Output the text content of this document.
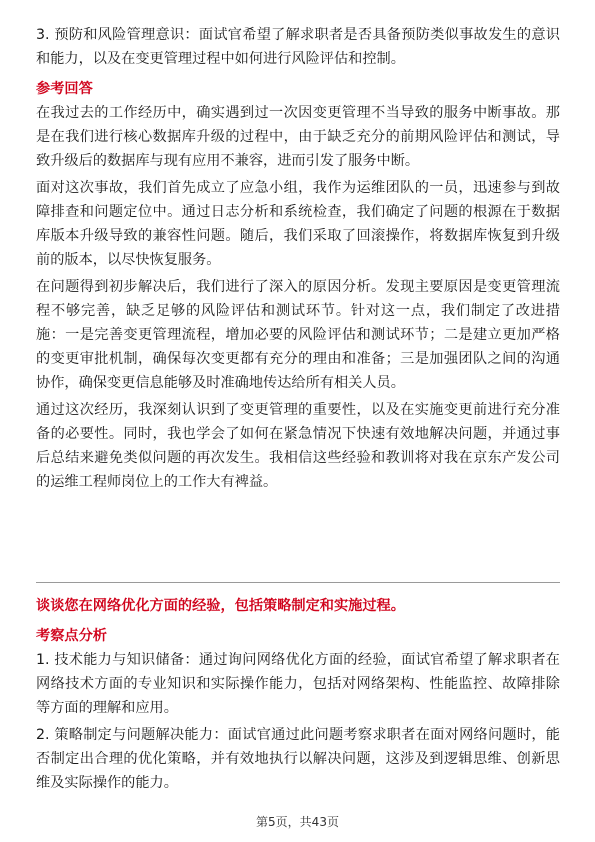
3. 预防和风险管理意识：面试官希望了解求职者是否具备预防类似事故发生的意识和能力，以及在变更管理过程中如何进行风险评估和控制。

参考回答

在我过去的工作经历中，确实遇到过一次因变更管理不当导致的服务中断事故。那是在我们进行核心数据库升级的过程中，由于缺乏充分的前期风险评估和测试，导致升级后的数据库与现有应用不兼容，进而引发了服务中断。

面对这次事故，我们首先成立了应急小组，我作为运维团队的一员，迅速参与到故障排查和问题定位中。通过日志分析和系统检查，我们确定了问题的根源在于数据库版本升级导致的兼容性问题。随后，我们采取了回滚操作，将数据库恢复到升级前的版本，以尽快恢复服务。

在问题得到初步解决后，我们进行了深入的原因分析。发现主要原因是变更管理流程不够完善，缺乏足够的风险评估和测试环节。针对这一点，我们制定了改进措施：一是完善变更管理流程，增加必要的风险评估和测试环节；二是建立更加严格的变更审批机制，确保每次变更都有充分的理由和准备；三是加强团队之间的沟通协作，确保变更信息能够及时准确地传达给所有相关人员。

通过这次经历，我深刻认识到了变更管理的重要性，以及在实施变更前进行充分准备的必要性。同时，我也学会了如何在紧急情况下快速有效地解决问题，并通过事后总结来避免类似问题的再次发生。我相信这些经验和教训将对我在京东产发公司的运维工程师岗位上的工作大有裨益。

谈谈您在网络优化方面的经验，包括策略制定和实施过程。
考察点分析

1. 技术能力与知识储备：通过询问网络优化方面的经验，面试官希望了解求职者在网络技术方面的专业知识和实际操作能力，包括对网络架构、性能监控、故障排除等方面的理解和应用。

2. 策略制定与问题解决能力：面试官通过此问题考察求职者在面对网络问题时，能否制定出合理的优化策略，并有效地执行以解决问题，这涉及到逻辑思维、创新思维及实际操作的能力。

第5页，共43页
